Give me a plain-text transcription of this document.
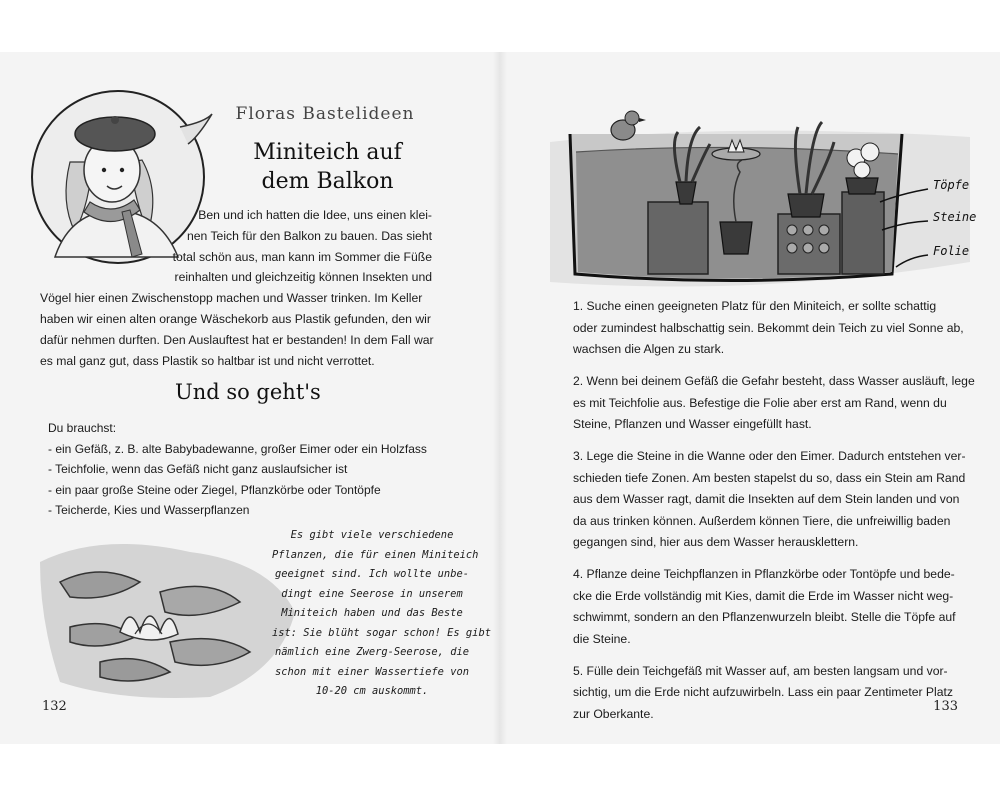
Floras Bastelideen
Miniteich auf
dem Balkon
Ben und ich hatten die Idee, uns einen klei-
nen Teich für den Balkon zu bauen. Das sieht
total schön aus, man kann im Sommer die Füße
reinhalten und gleichzeitig können Insekten und
Vögel hier einen Zwischenstopp machen und Wasser trinken. Im Keller
haben wir einen alten orange Wäschekorb aus Plastik gefunden, den wir
dafür nehmen durften. Den Auslauftest hat er bestanden! In dem Fall war
es mal ganz gut, dass Plastik so haltbar ist und nicht verrottet.
Und so geht's
Du brauchst:
- ein Gefäß, z. B. alte Babybadewanne, großer Eimer oder ein Holzfass
- Teichfolie, wenn das Gefäß nicht ganz auslaufsicher ist
- ein paar große Steine oder Ziegel, Pflanzkörbe oder Tontöpfe
- Teicherde, Kies und Wasserpflanzen
Es gibt viele verschiedene
Pflanzen, die für einen Miniteich
geeignet sind. Ich wollte unbe-
dingt eine Seerose in unserem
Miniteich haben und das Beste
ist: Sie blüht sogar schon! Es gibt
nämlich eine Zwerg-Seerose, die
schon mit einer Wassertiefe von
10-20 cm auskommt.
132
Töpfe
Steine
Folie
1. Suche einen geeigneten Platz für den Miniteich, er sollte schattig
oder zumindest halbschattig sein. Bekommt dein Teich zu viel Sonne ab,
wachsen die Algen zu stark.
2. Wenn bei deinem Gefäß die Gefahr besteht, dass Wasser ausläuft, lege
es mit Teichfolie aus. Befestige die Folie aber erst am Rand, wenn du
Steine, Pflanzen und Wasser eingefüllt hast.
3. Lege die Steine in die Wanne oder den Eimer. Dadurch entstehen ver-
schieden tiefe Zonen. Am besten stapelst du so, dass ein Stein am Rand
aus dem Wasser ragt, damit die Insekten auf dem Stein landen und von
da aus trinken können. Außerdem können Tiere, die unfreiwillig baden
gegangen sind, hier aus dem Wasser herausklettern.
4. Pflanze deine Teichpflanzen in Pflanzkörbe oder Tontöpfe und bede-
cke die Erde vollständig mit Kies, damit die Erde im Wasser nicht weg-
schwimmt, sondern an den Pflanzenwurzeln bleibt. Stelle die Töpfe auf
die Steine.
5. Fülle dein Teichgefäß mit Wasser auf, am besten langsam und vor-
sichtig, um die Erde nicht aufzuwirbeln. Lass ein paar Zentimeter Platz
zur Oberkante.	133
